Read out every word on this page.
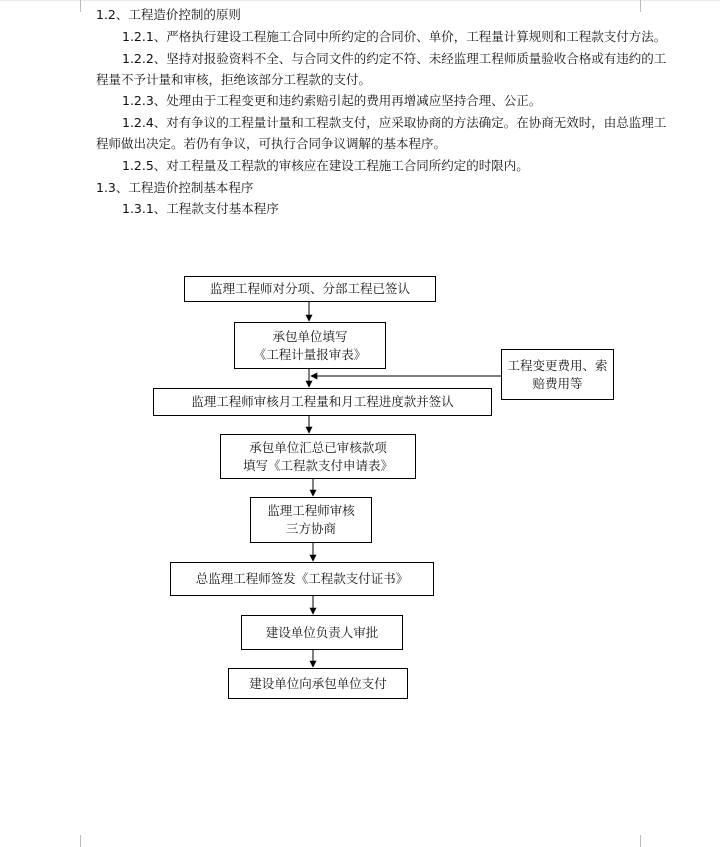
1.2、工程造价控制的原则
1.2.1、严格执行建设工程施工合同中所约定的合同价、单价，工程量计算规则和工程款支付方法。
1.2.2、坚持对报验资料不全、与合同文件的约定不符、未经监理工程师质量验收合格或有违约的工
程量不予计量和审核，拒绝该部分工程款的支付。
1.2.3、处理由于工程变更和违约索赔引起的费用再增减应坚持合理、公正。
1.2.4、对有争议的工程量计量和工程款支付，应采取协商的方法确定。在协商无效时，由总监理工
程师做出决定。若仍有争议，可执行合同争议调解的基本程序。
1.2.5、对工程量及工程款的审核应在建设工程施工合同所约定的时限内。
1.3、工程造价控制基本程序
1.3.1、工程款支付基本程序
监理工程师对分项、分部工程已签认
承包单位填写
《工程计量报审表》
工程变更费用、索
赔费用等
监理工程师审核月工程量和月工程进度款并签认
承包单位汇总已审核款项
填写《工程款支付申请表》
监理工程师审核
三方协商
总监理工程师签发《工程款支付证书》
建设单位负责人审批
建设单位向承包单位支付
